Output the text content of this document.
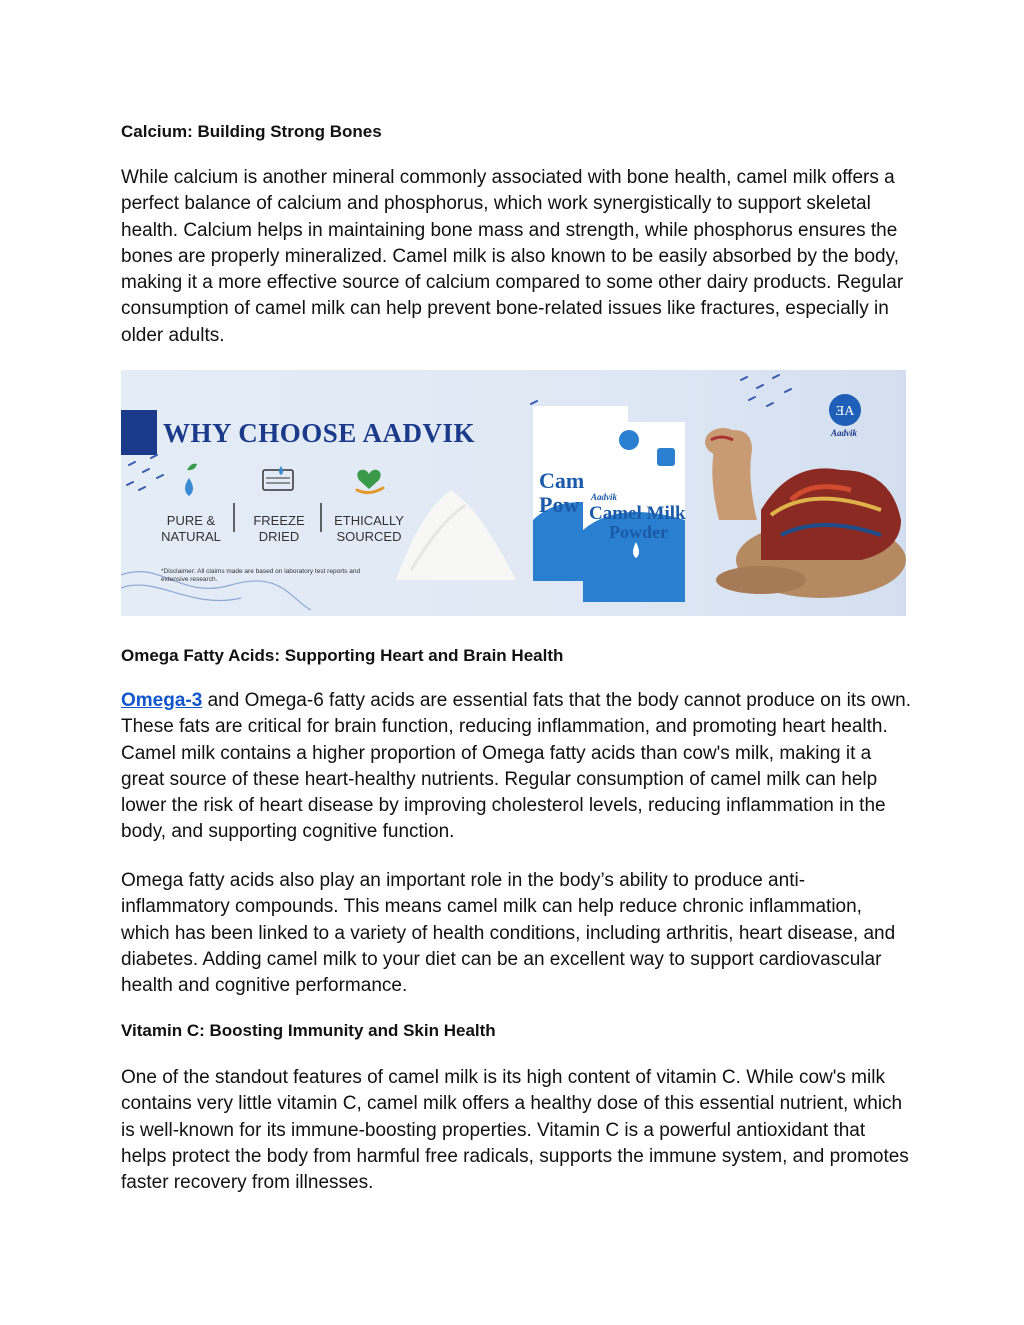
Calcium: Building Strong Bones

While calcium is another mineral commonly associated with bone health, camel milk offers a perfect balance of calcium and phosphorus, which work synergistically to support skeletal health. Calcium helps in maintaining bone mass and strength, while phosphorus ensures the bones are properly mineralized. Camel milk is also known to be easily absorbed by the body, making it a more effective source of calcium compared to some other dairy products. Regular consumption of camel milk can help prevent bone-related issues like fractures, especially in older adults.

ƎA
WHY CHOOSE AADVIK
PURE & NATURAL
FREEZE DRIED
ETHICALLY SOURCED
*Disclaimer: All claims made are based on laboratory test reports and extensive research.
Cam
Pow Aadvik
Camel Milk
Powder
Aadvik
Omega Fatty Acids: Supporting Heart and Brain Health

Omega-3 and Omega-6 fatty acids are essential fats that the body cannot produce on its own. These fats are critical for brain function, reducing inflammation, and promoting heart health. Camel milk contains a higher proportion of Omega fatty acids than cow's milk, making it a great source of these heart-healthy nutrients. Regular consumption of camel milk can help lower the risk of heart disease by improving cholesterol levels, reducing inflammation in the body, and supporting cognitive function.

Omega fatty acids also play an important role in the body’s ability to produce anti-inflammatory compounds. This means camel milk can help reduce chronic inflammation, which has been linked to a variety of health conditions, including arthritis, heart disease, and diabetes. Adding camel milk to your diet can be an excellent way to support cardiovascular health and cognitive performance.

Vitamin C: Boosting Immunity and Skin Health

One of the standout features of camel milk is its high content of vitamin C. While cow's milk contains very little vitamin C, camel milk offers a healthy dose of this essential nutrient, which is well-known for its immune-boosting properties. Vitamin C is a powerful antioxidant that helps protect the body from harmful free radicals, supports the immune system, and promotes faster recovery from illnesses.
